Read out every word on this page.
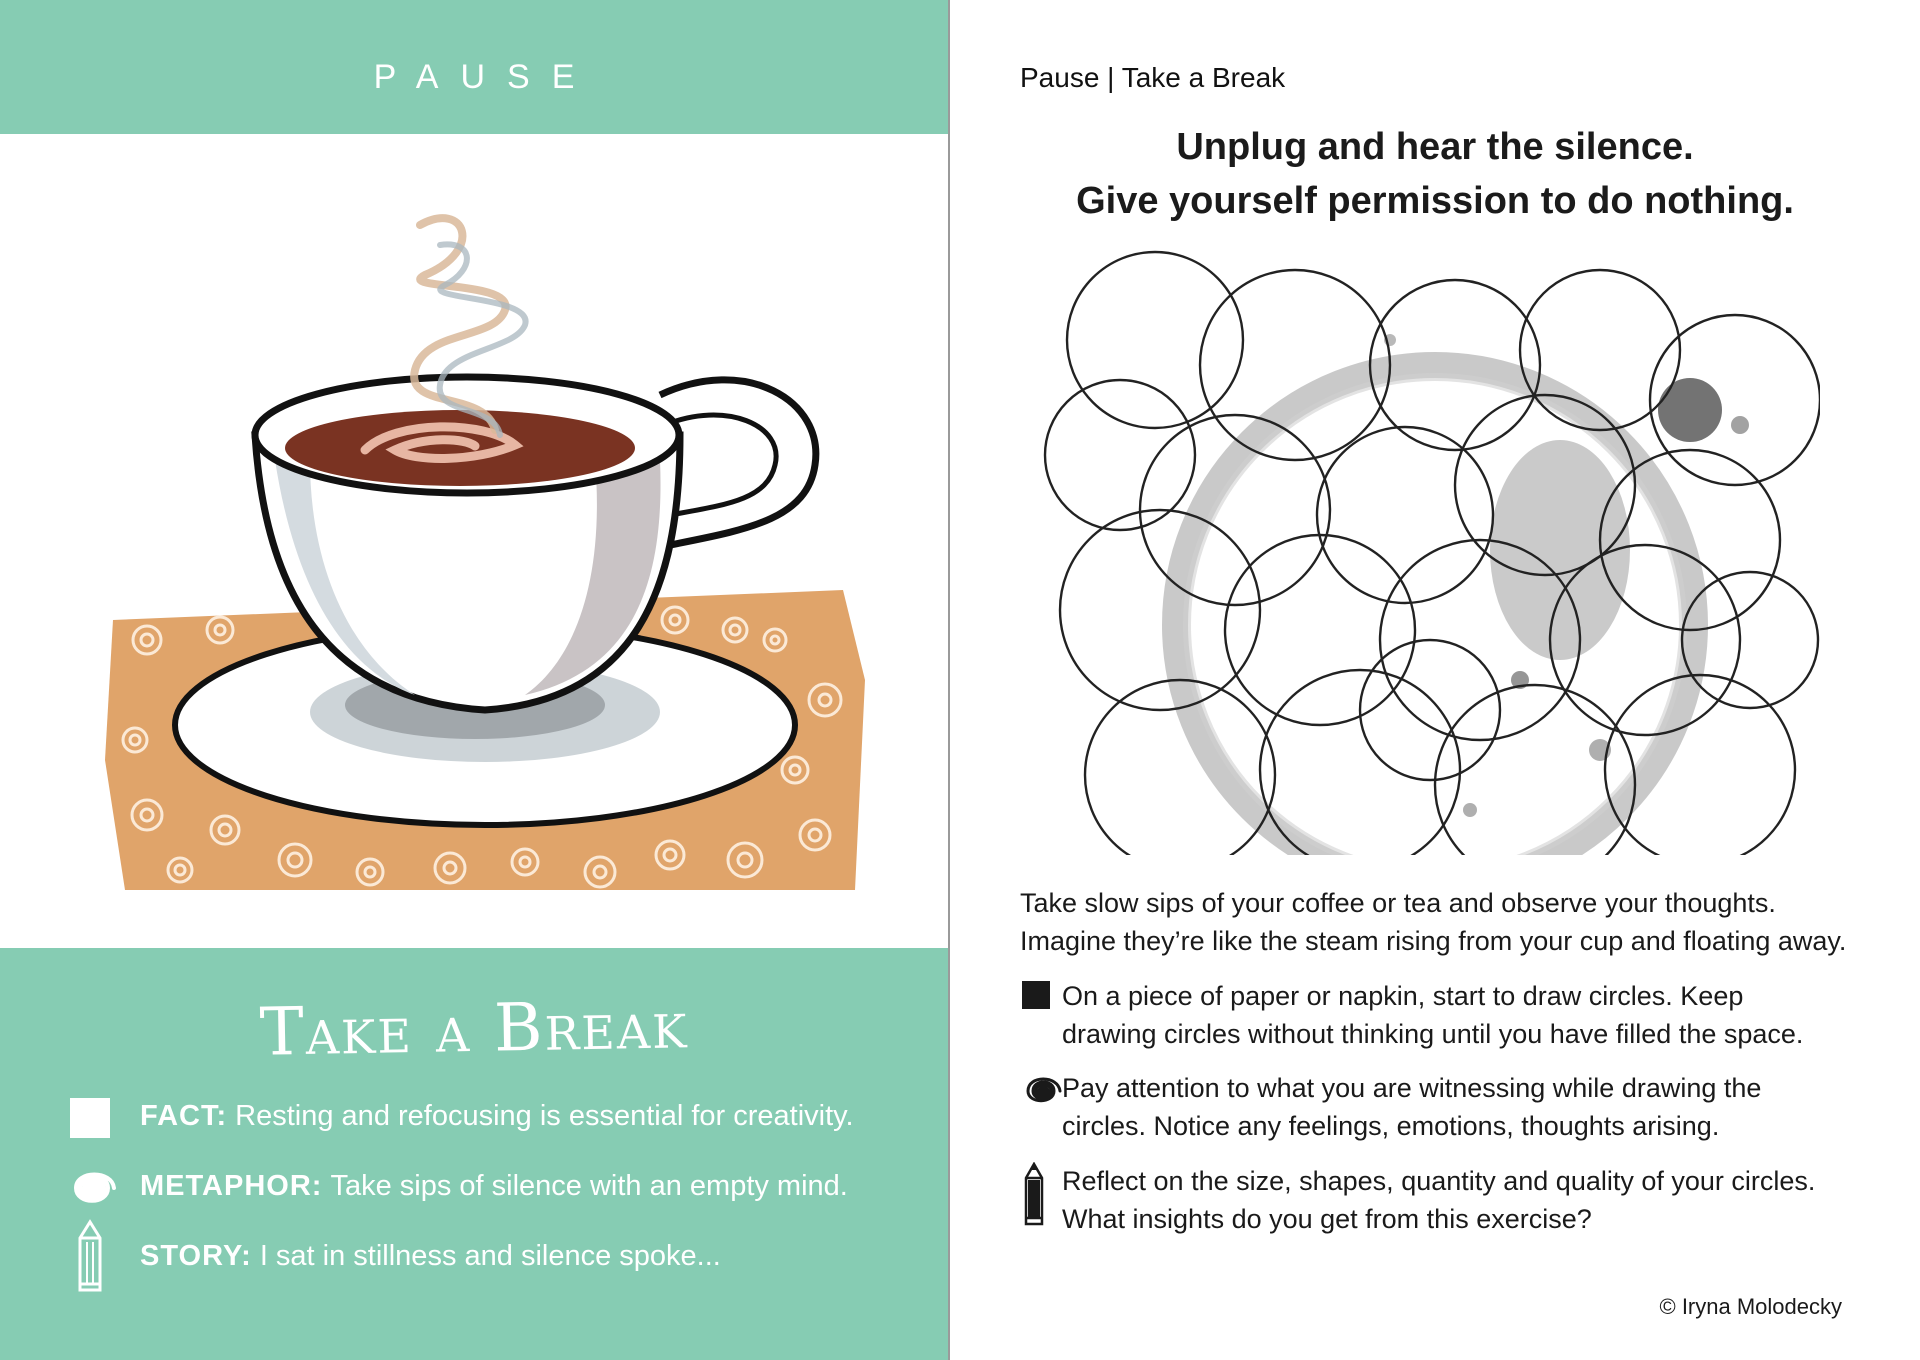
PAUSE
Take a Break
FACT: Resting and refocusing is essential for creativity.
METAPHOR: Take sips of silence with an empty mind.
STORY: I sat in stillness and silence spoke...
Pause | Take a Break
Unplug and hear the silence.
Give yourself permission to do nothing.
Take slow sips of your coffee or tea and observe your thoughts.
Imagine they’re like the steam rising from your cup and floating away.
On a piece of paper or napkin, start to draw circles. Keep
drawing circles without thinking until you have filled the space.
Pay attention to what you are witnessing while drawing the
circles. Notice any feelings, emotions, thoughts arising.
Reflect on the size, shapes, quantity and quality of your circles.
What insights do you get from this exercise?
© Iryna Molodecky
